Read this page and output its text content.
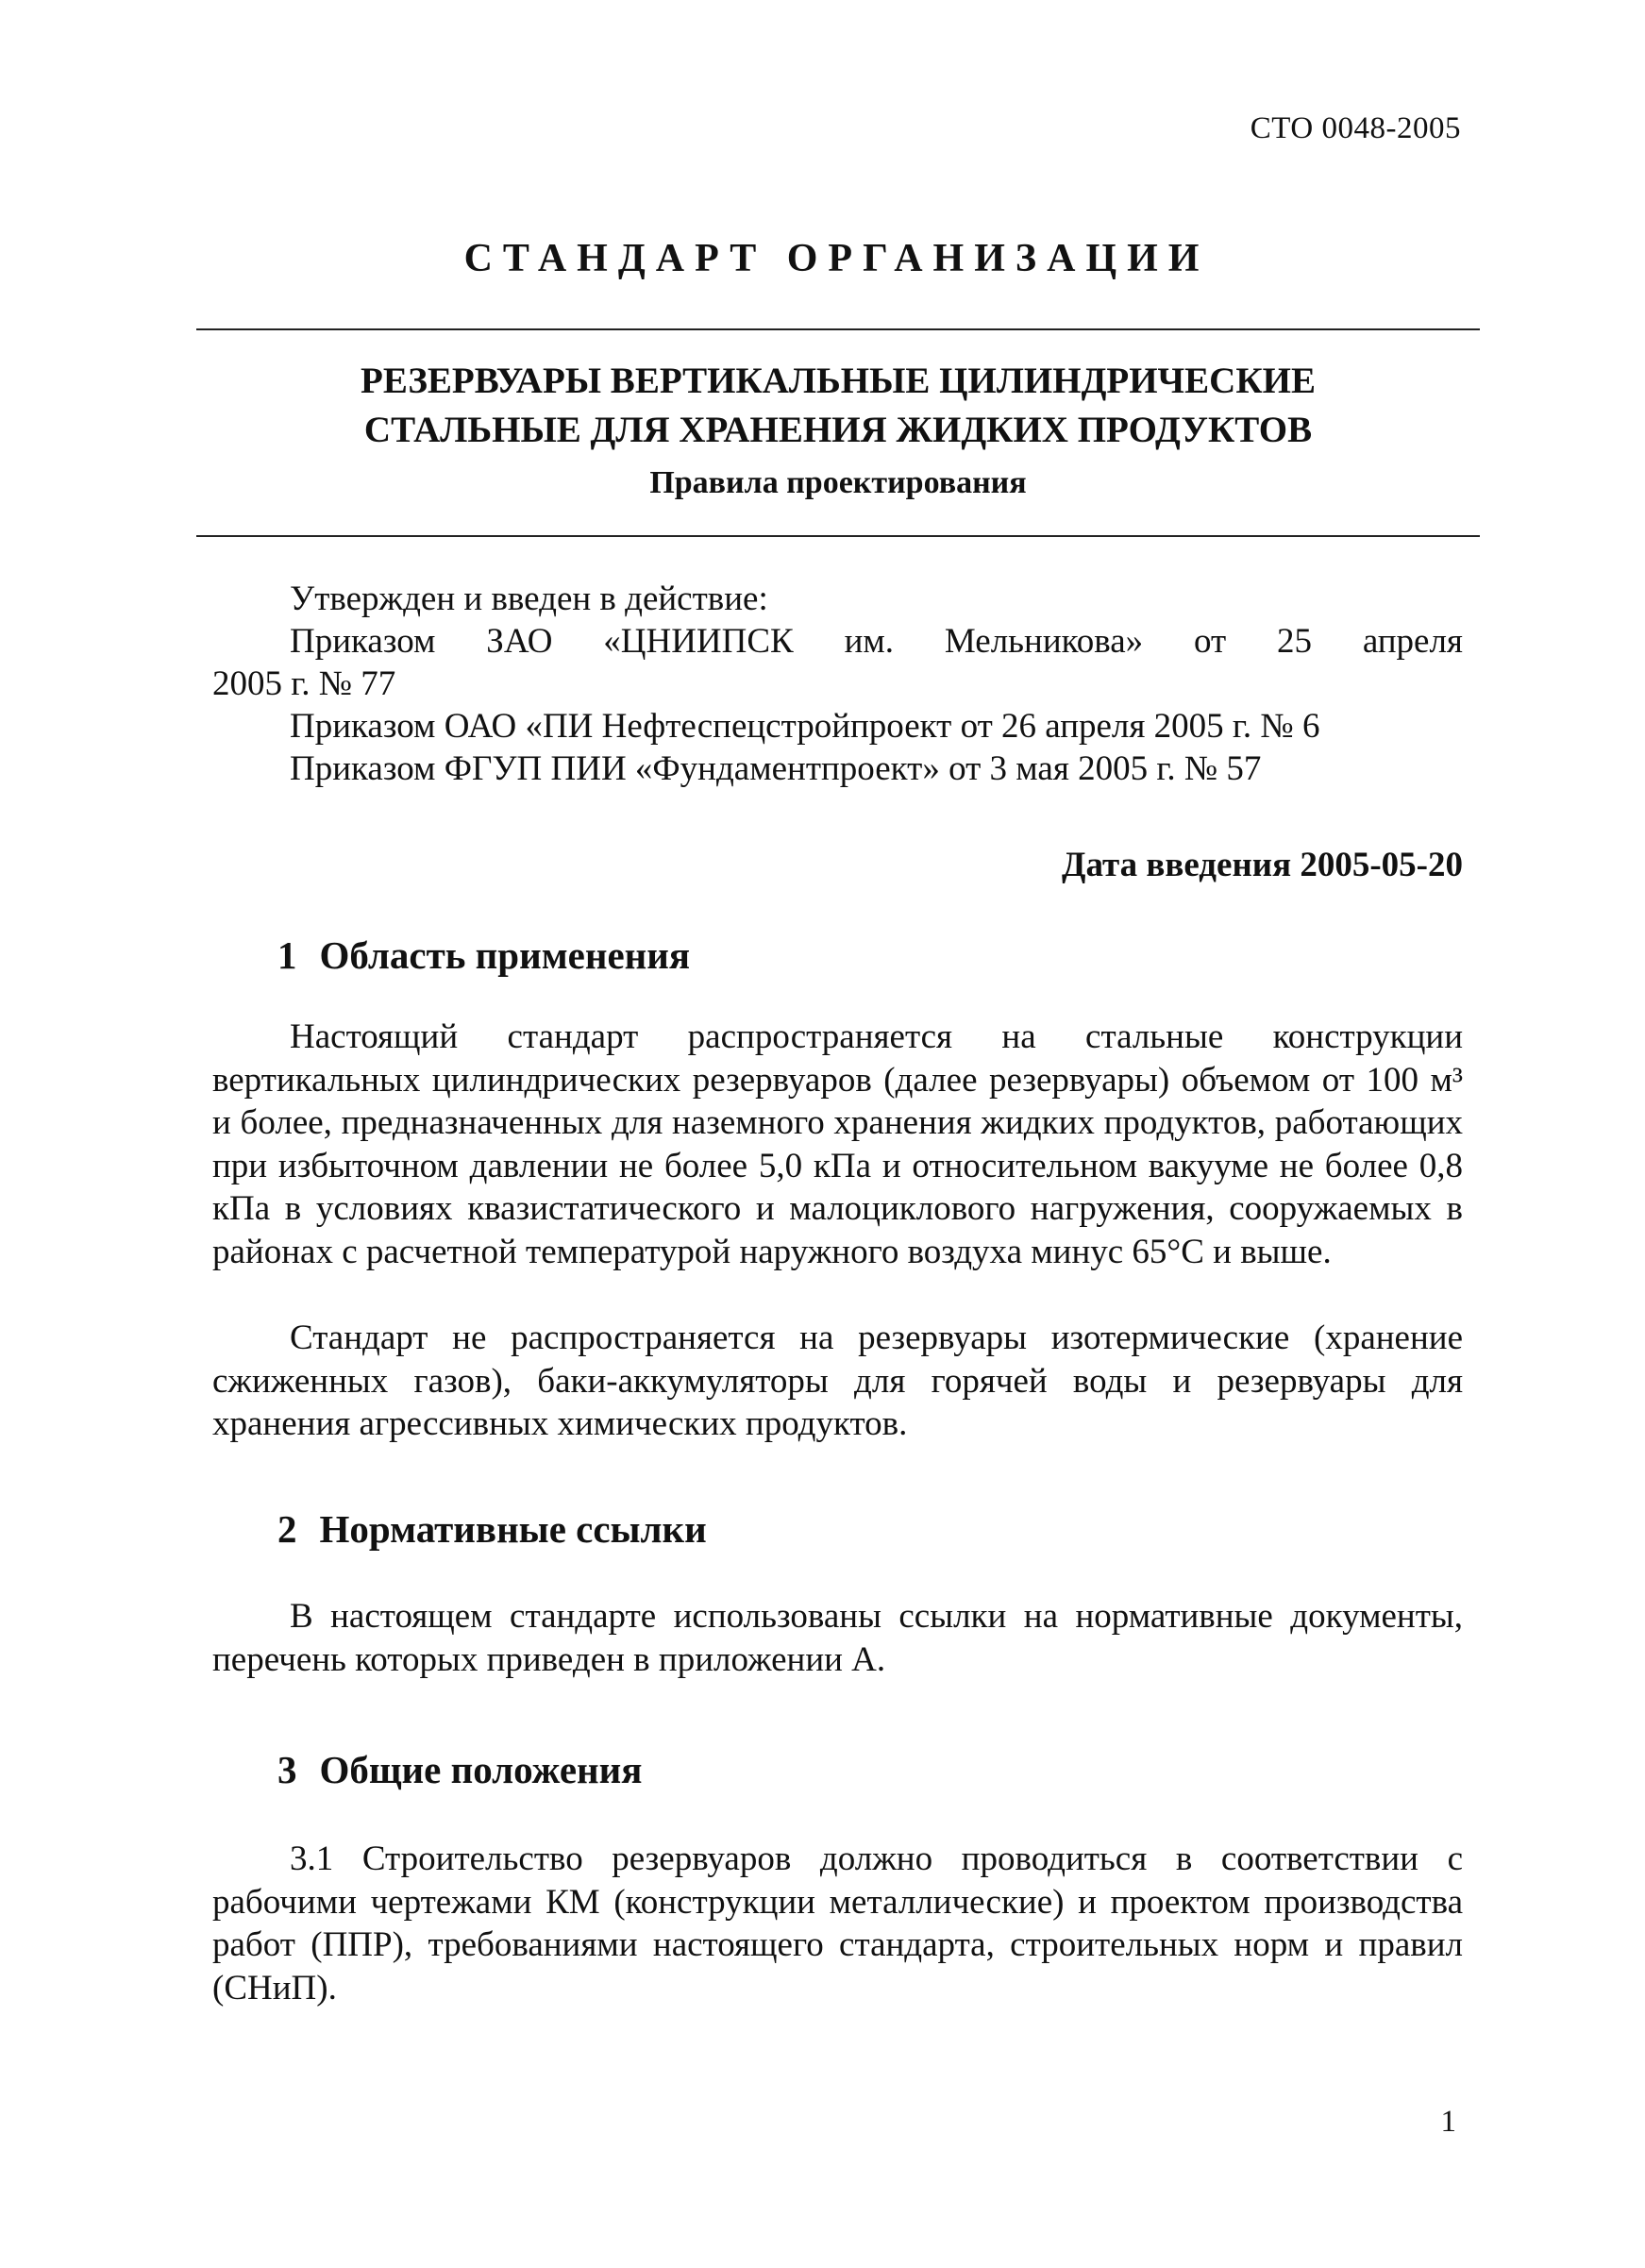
СТО 0048-2005
СТАНДАРТ ОРГАНИЗАЦИИ
РЕЗЕРВУАРЫ ВЕРТИКАЛЬНЫЕ ЦИЛИНДРИЧЕСКИЕ
СТАЛЬНЫЕ ДЛЯ ХРАНЕНИЯ ЖИДКИХ ПРОДУКТОВ
Правила проектирования
Утвержден и введен в действие:
Приказом ЗАО «ЦНИИПСК им. Мельникова» от 25 апреля
2005 г. № 77
Приказом ОАО «ПИ Нефтеспецстройпроект от 26 апреля 2005 г. № 6
Приказом ФГУП ПИИ «Фундаментпроект» от 3 мая 2005 г. № 57
Дата введения 2005-05-20
1 Область применения

Настоящий стандарт распространяется на стальные конструкции вертикальных цилиндрических резервуаров (далее резервуары) объемом от 100 м³ и более, предназначенных для наземного хранения жидких продуктов, работающих при избыточном давлении не более 5,0 кПа и относительном вакууме не более 0,8 кПа в условиях квазистатического и малоциклового нагружения, сооружаемых в районах с расчетной температурой наружного воздуха минус 65°С и выше.

Стандарт не распространяется на резервуары изотермические (хранение сжиженных газов), баки-аккумуляторы для горячей воды и резервуары для хранения агрессивных химических продуктов.

2 Нормативные ссылки

В настоящем стандарте использованы ссылки на нормативные документы, перечень которых приведен в приложении А.

3 Общие положения

3.1 Строительство резервуаров должно проводиться в соответствии с рабочими чертежами КМ (конструкции металлические) и проектом производства работ (ППР), требованиями настоящего стандарта, строительных норм и правил (СНиП).

1
